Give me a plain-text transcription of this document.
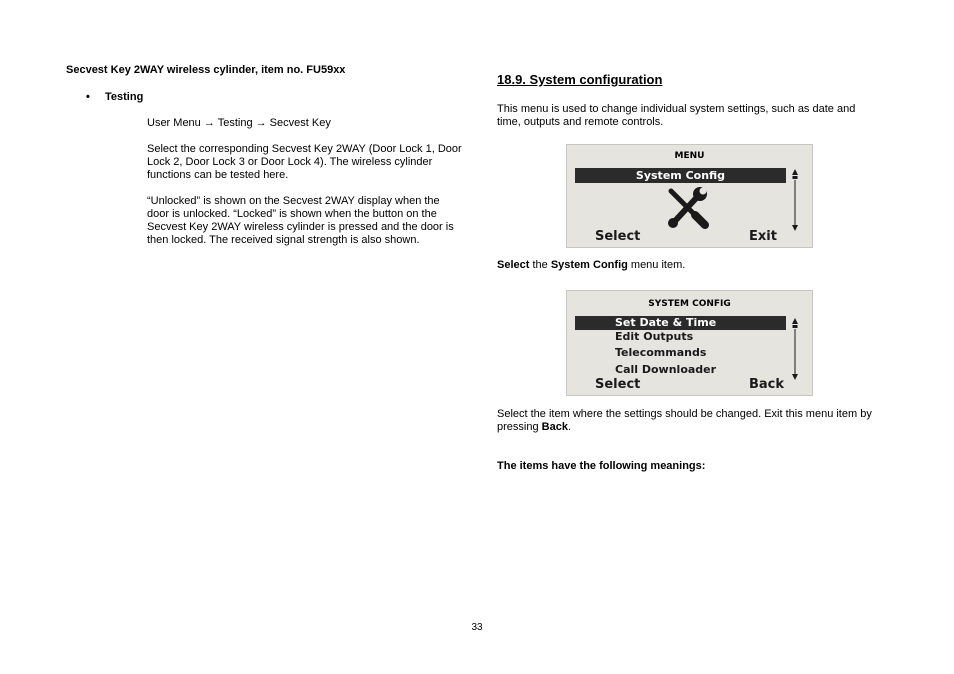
Secvest Key 2WAY wireless cylinder, item no. FU59xx
• Testing
User Menu → Testing → Secvest Key
Select the corresponding Secvest Key 2WAY (Door Lock 1, Door Lock 2, Door Lock 3 or Door Lock 4). The wireless cylinder functions can be tested here.
“Unlocked” is shown on the Secvest 2WAY display when the door is unlocked. “Locked” is shown when the button on the Secvest Key 2WAY wireless cylinder is pressed and the door is then locked. The received signal strength is also shown.
18.9. System configuration
This menu is used to change individual system settings, such as date and time, outputs and remote controls.
MENU
System Config
Select	Exit
Select the System Config menu item.
SYSTEM CONFIG
Set Date & Time
Edit Outputs
Telecommands
Call Downloader
Select	Back
Select the item where the settings should be changed. Exit this menu item by pressing Back.
The items have the following meanings:
33
